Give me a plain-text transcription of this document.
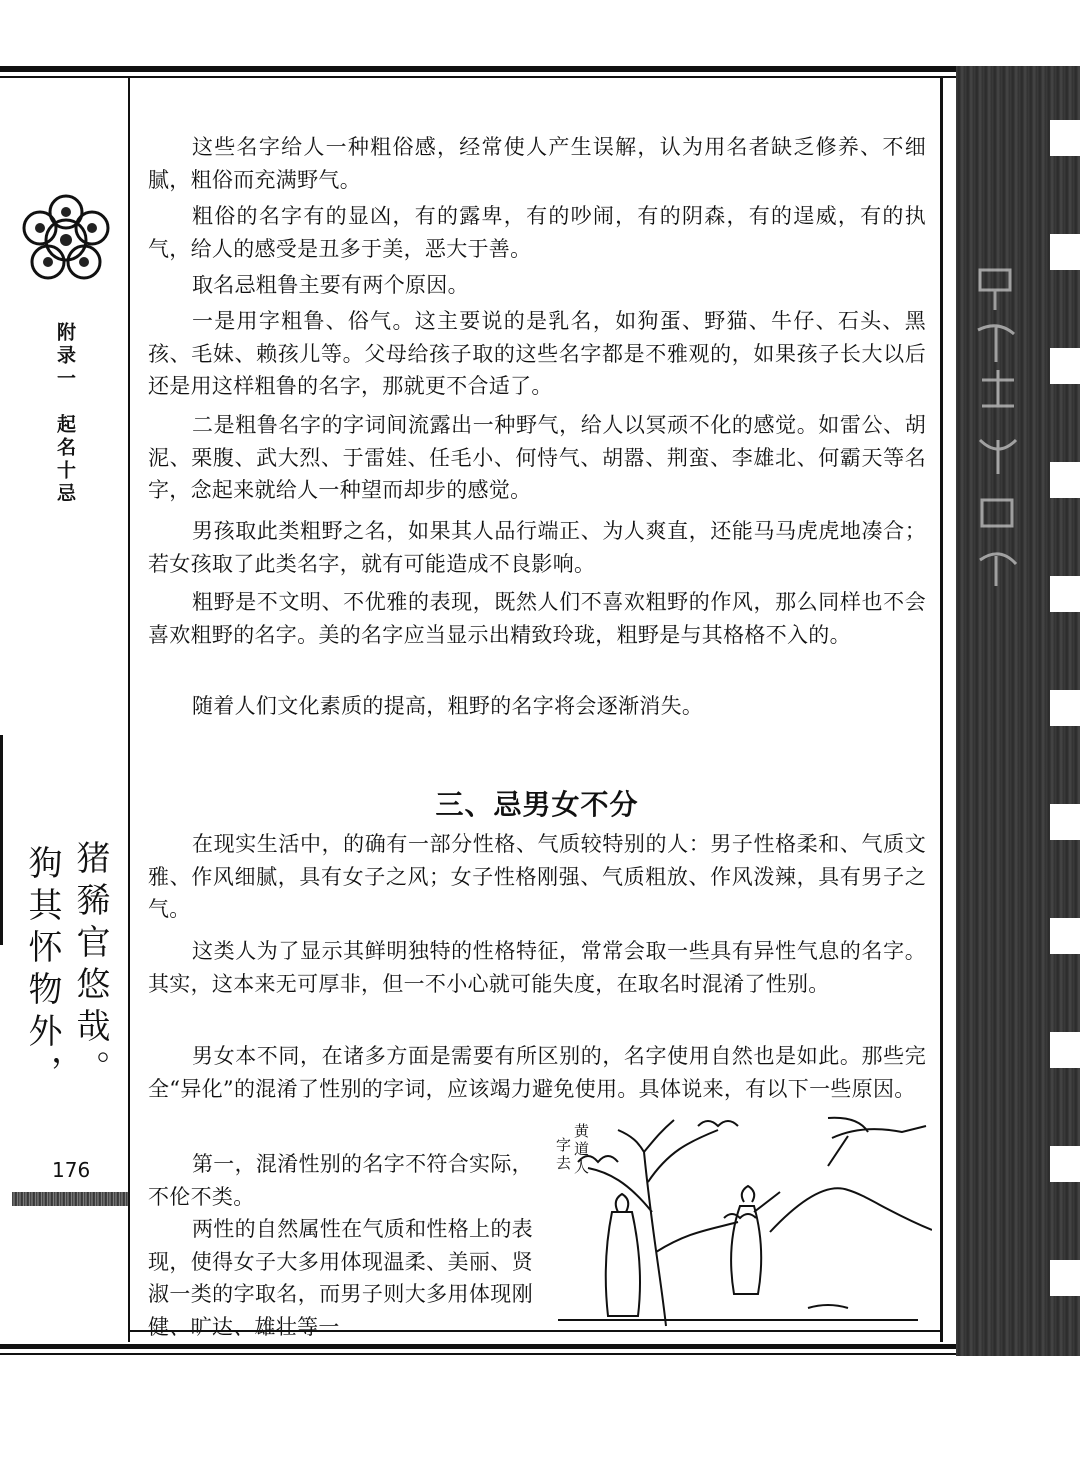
附录一
起名十忌
猪豨官悠哉。
狗其怀物外，
176

这些名字给人一种粗俗感，经常使人产生误解，认为用名者缺乏修养、不细腻，粗俗而充满野气。

粗俗的名字有的显凶，有的露卑，有的吵闹，有的阴森，有的逞威，有的执气，给人的感受是丑多于美，恶大于善。

取名忌粗鲁主要有两个原因。

一是用字粗鲁、俗气。这主要说的是乳名，如狗蛋、野猫、牛仔、石头、黑孩、毛妹、赖孩儿等。父母给孩子取的这些名字都是不雅观的，如果孩子长大以后还是用这样粗鲁的名字，那就更不合适了。

二是粗鲁名字的字词间流露出一种野气，给人以冥顽不化的感觉。如雷公、胡泥、栗腹、武大烈、于雷娃、任毛小、何恃气、胡嚣、荆蛮、李雄北、何霸天等名字，念起来就给人一种望而却步的感觉。

男孩取此类粗野之名，如果其人品行端正、为人爽直，还能马马虎虎地凑合；若女孩取了此类名字，就有可能造成不良影响。

粗野是不文明、不优雅的表现，既然人们不喜欢粗野的作风，那么同样也不会喜欢粗野的名字。美的名字应当显示出精致玲珑，粗野是与其格格不入的。

随着人们文化素质的提高，粗野的名字将会逐渐消失。

三、忌男女不分

在现实生活中，的确有一部分性格、气质较特别的人：男子性格柔和、气质文雅、作风细腻，具有女子之风；女子性格刚强、气质粗放、作风泼辣，具有男子之气。

这类人为了显示其鲜明独特的性格特征，常常会取一些具有异性气息的名字。其实，这本来无可厚非，但一不小心就可能失度，在取名时混淆了性别。

男女本不同，在诸多方面是需要有所区别的，名字使用自然也是如此。那些完全“异化”的混淆了性别的字词，应该竭力避免使用。具体说来，有以下一些原因。

第一，混淆性别的名字不符合实际，不伦不类。

两性的自然属性在气质和性格上的表现，使得女子大多用体现温柔、美丽、贤淑一类的字取名，而男子则大多用体现刚健、旷达、雄壮等一

字
去
黄
道
人
